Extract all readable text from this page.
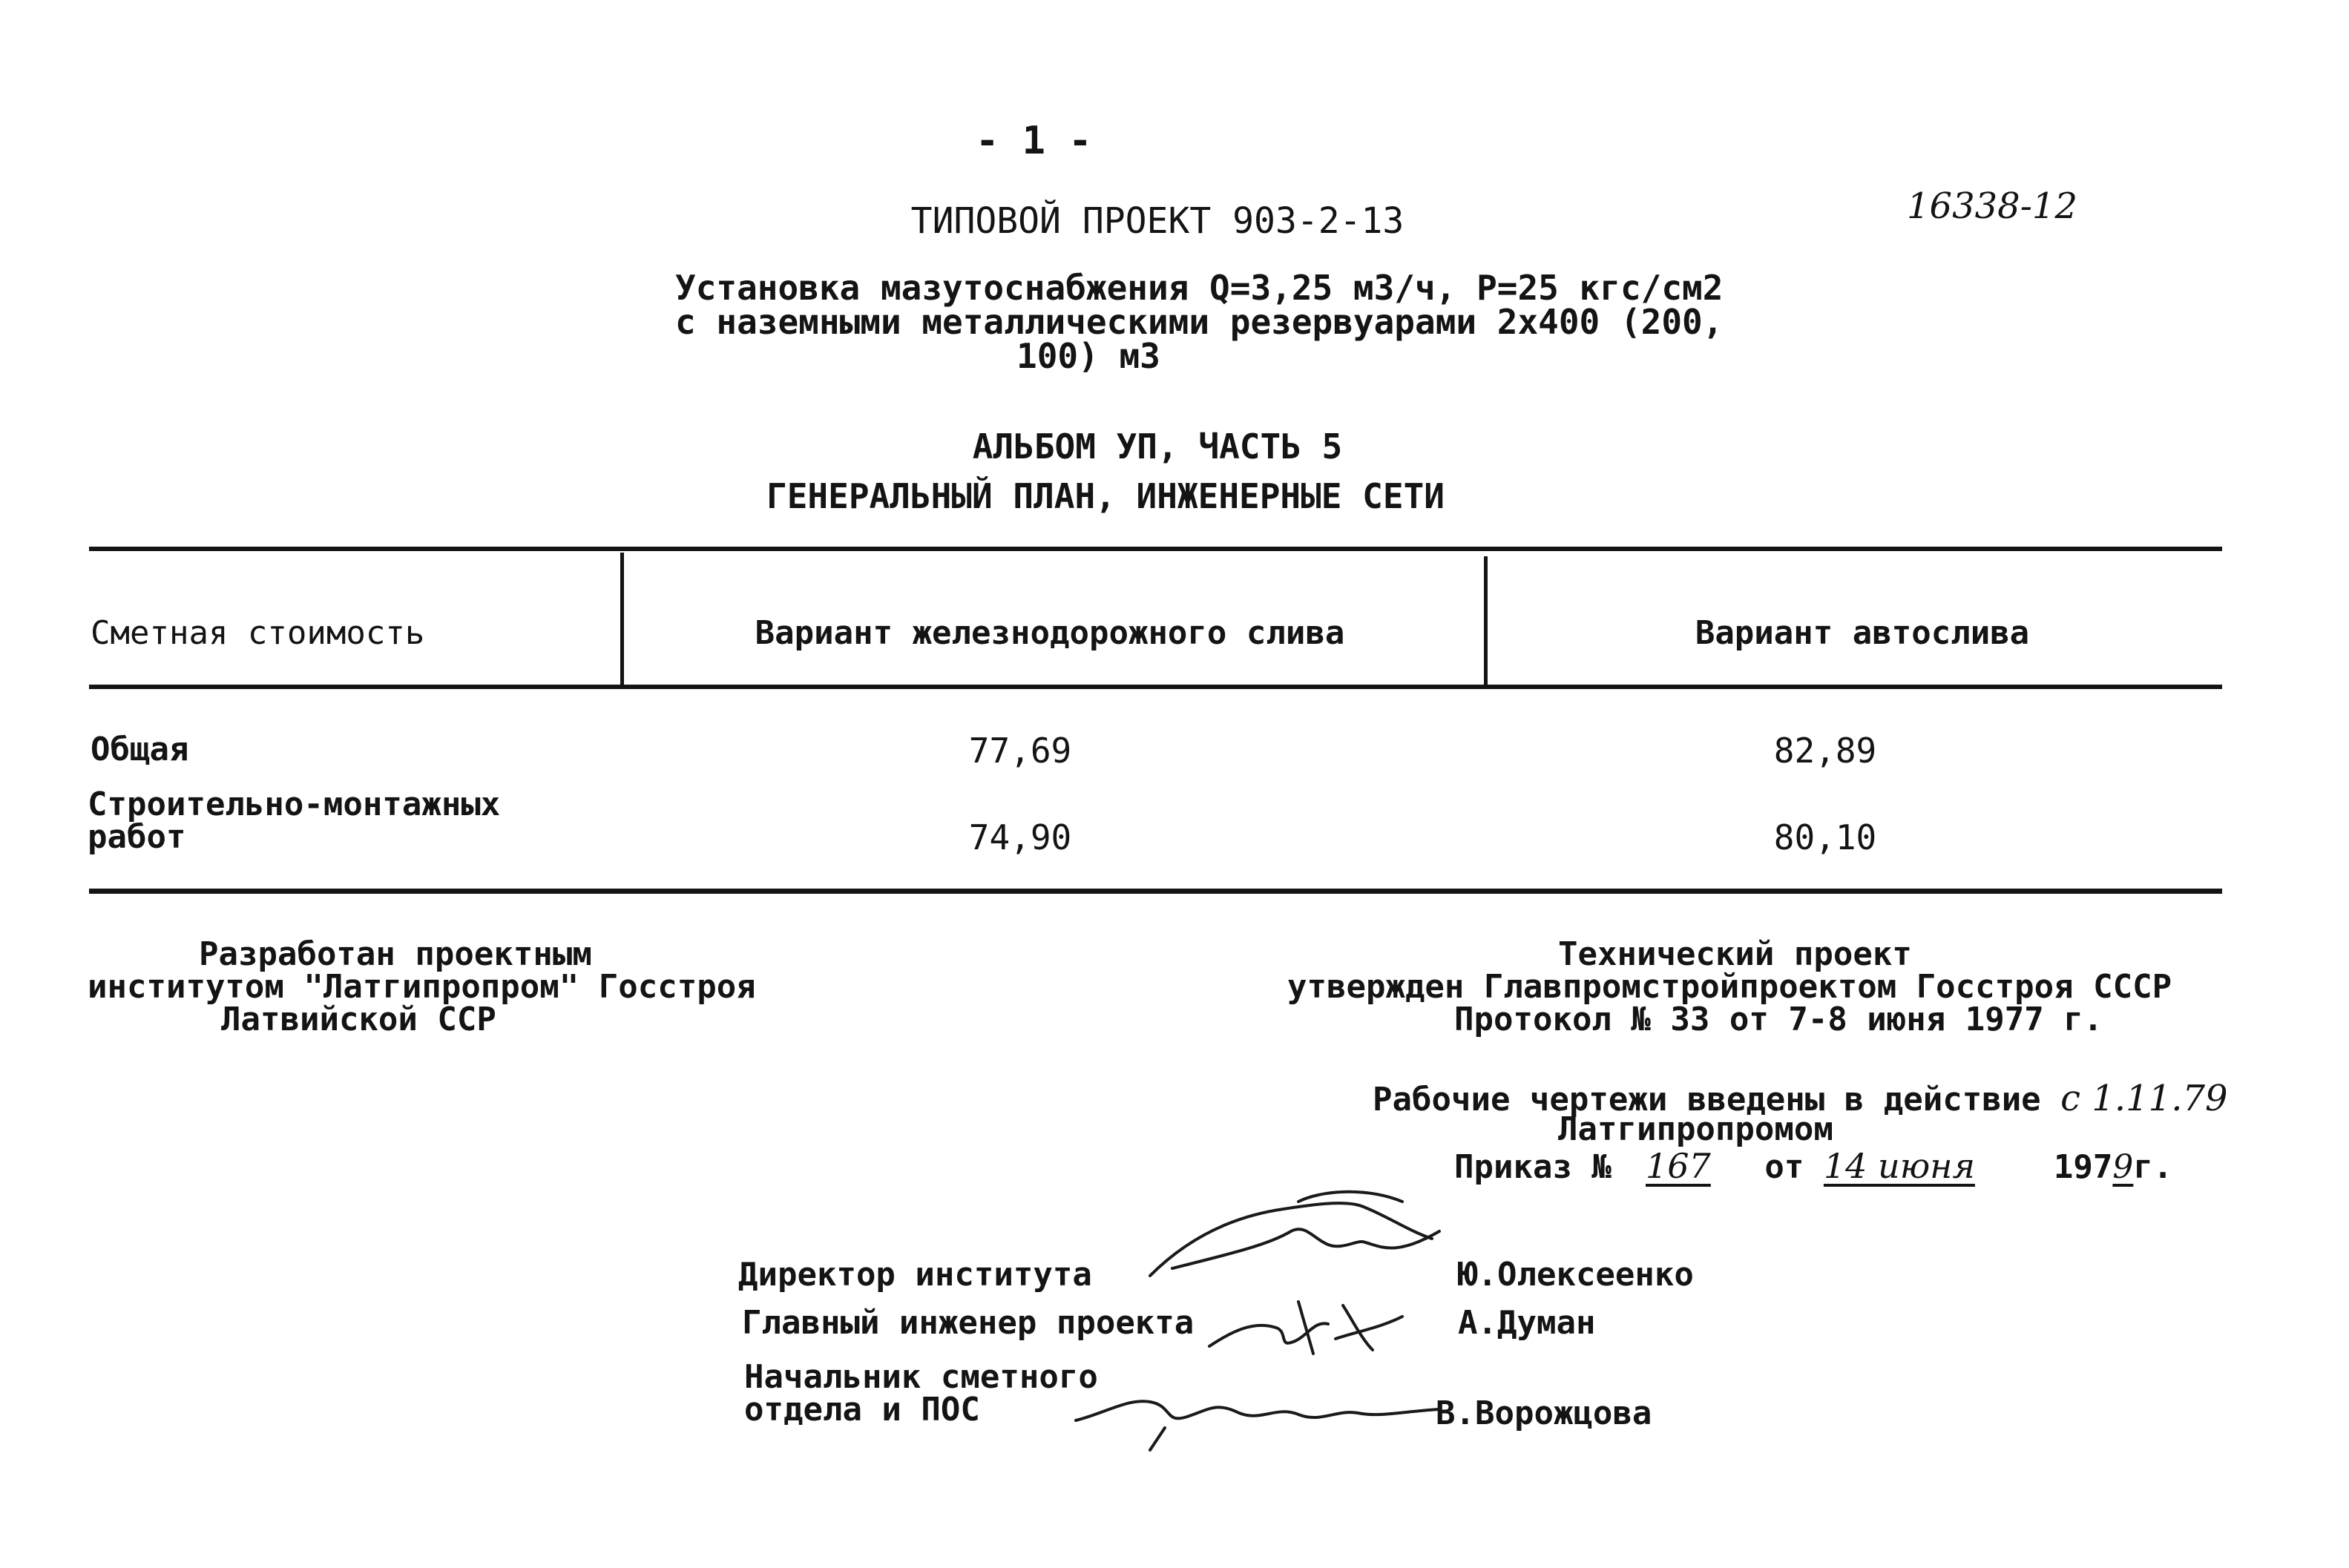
- 1 -
16338-12
ТИПОВОЙ ПРОЕКТ 903-2-13
Установка мазутоснабжения Q=3,25 м3/ч, Р=25 кгс/см2
с наземными металлическими резервуарами 2х400 (200,
100) м3
АЛЬБОМ УП, ЧАСТЬ 5
ГЕНЕРАЛЬНЫЙ ПЛАН, ИНЖЕНЕРНЫЕ СЕТИ
Сметная стоимость	Вариант железнодорожного слива	Вариант автослива
Общая	77,69	82,89
Строительно-монтажных
работ	74,90	80,10
Разработан проектным
институтом "Латгипропром" Госстроя
Латвийской ССР
Технический проект
утвержден Главпромстройпроектом Госстроя СССР
Протокол № 33 от 7-8 июня 1977 г.
Рабочие чертежи введены в действие с 1.11.79
Латгипропромом
Приказ № 167 от 14 июня 1979г.
Директор института	Ю.Олексеенко
Главный инженер проекта	А.Думан
Начальник сметного
отдела и ПОС	В.Ворожцова
